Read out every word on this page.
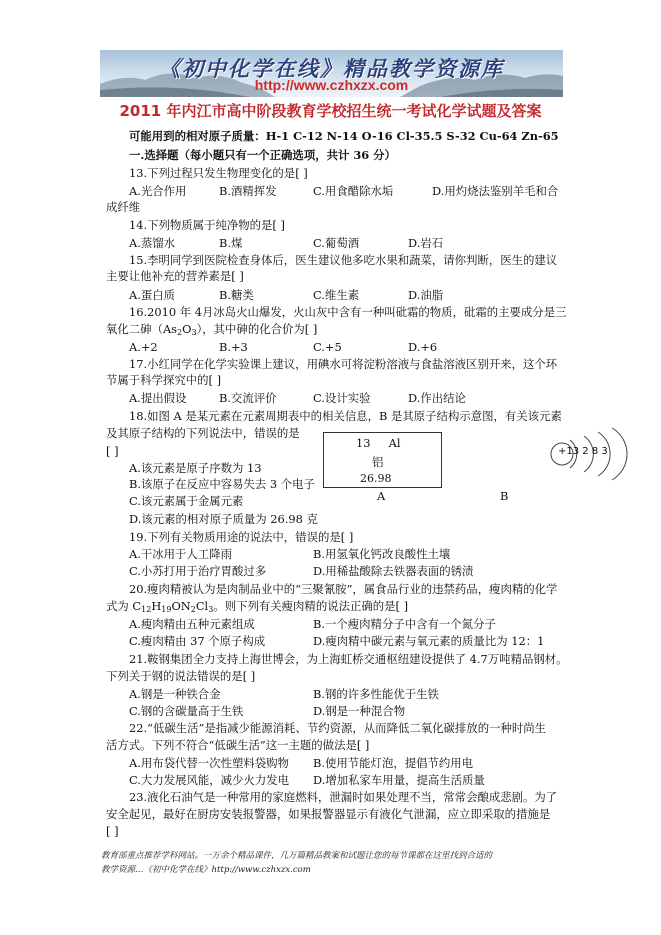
《初中化学在线》精品教学资源库
http://www.czhxzx.com
2011 年内江市高中阶段教育学校招生统一考试化学试题及答案
可能用到的相对原子质量：H-1 C-12 N-14 O-16 Cl-35.5 S-32 Cu-64 Zn-65
一.选择题（每小题只有一个正确选项，共计 36 分）
13.下列过程只发生物理变化的是[ ]
A.光合作用	B.酒精挥发	C.用食醋除水垢	D.用灼烧法鉴别羊毛和合
成纤维
14.下列物质属于纯净物的是[ ]
A.蒸馏水	B.煤	C.葡萄酒	D.岩石
15.李明同学到医院检查身体后，医生建议他多吃水果和蔬菜，请你判断，医生的建议
主要让他补充的营养素是[ ]
A.蛋白质	B.糖类	C.维生素	D.油脂
16.2010 年 4月冰岛火山爆发，火山灰中含有一种叫砒霜的物质，砒霜的主要成分是三
氧化二砷$(As_2O_3)$，其中砷的化合价为[ ]
A.+2	B.+3	C.+5	D.+6
17.小红同学在化学实验课上建议，用碘水可将淀粉溶液与食盐溶液区别开来，这个环
节属于科学探究中的[ ]
A.提出假设	B.交流评价	C.设计实验	D.作出结论
18.如图 A 是某元素在元素周期表中的相关信息，B 是其原子结构示意图，有关该元素
及其原子结构的下列说法中，错误的是
[ ]
A.该元素是原子序数为 13
B.该原子在反应中容易失去 3 个电子
C.该元素属于金属元素
D.该元素的相对原子质量为 26.98 克
13 Al
铝
26.98
A
+13 2 8 3
B
19.下列有关物质用途的说法中，错误的是[ ]
A.干冰用于人工降雨	B.用氢氧化钙改良酸性土壤
C.小苏打用于治疗胃酸过多	D.用稀盐酸除去铁器表面的锈渍
20.瘦肉精被认为是肉制品业中的“三聚氰胺”，属食品行业的违禁药品，瘦肉精的化学
式为 $C_{12}H_{19}ON_2Cl_3$。则下列有关瘦肉精的说法正确的是[ ]
A.瘦肉精由五种元素组成	B.一个瘦肉精分子中含有一个氮分子
C.瘦肉精由 37 个原子构成	D.瘦肉精中碳元素与氧元素的质量比为 12：1
21.鞍钢集团全力支持上海世博会，为上海虹桥交通枢纽建设提供了 4.7万吨精品钢材。
下列关于钢的说法错误的是[ ]
A.钢是一种铁合金	B.钢的许多性能优于生铁
C.钢的含碳量高于生铁	D.钢是一种混合物
22.“低碳生活”是指减少能源消耗、节约资源，从而降低二氧化碳排放的一种时尚生
活方式。下列不符合“低碳生活”这一主题的做法是[ ]
A.用布袋代替一次性塑料袋购物 B.使用节能灯泡，提倡节约用电
C.大力发展风能，减少火力发电 D.增加私家车用量，提高生活质量
23.液化石油气是一种常用的家庭燃料，泄漏时如果处理不当，常常会酿成悲剧。为了
安全起见，最好在厨房安装报警器，如果报警器显示有液化气泄漏，应立即采取的措施是
[ ]
教育部重点推荐学科网站。一万余个精品课件，几万篇精品教案和试题让您的每节课都在这里找到合适的
教学资源…《初中化学在线》http://www.czhxzx.com
